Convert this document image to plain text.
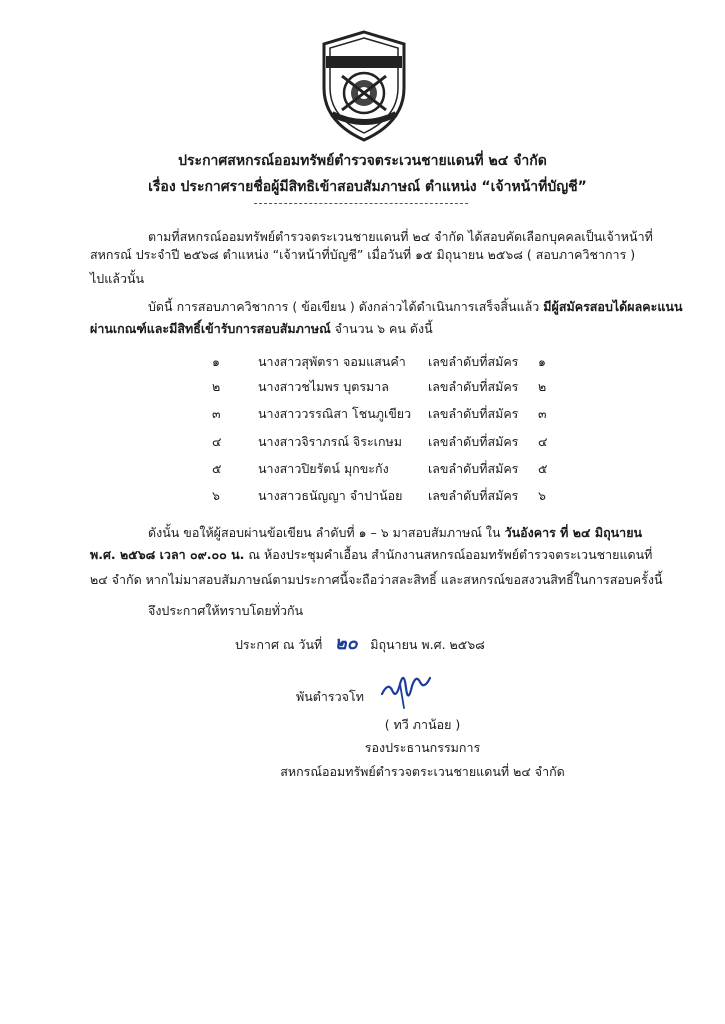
ประกาศสหกรณ์ออมทรัพย์ตำรวจตระเวนชายแดนที่ ๒๔ จำกัด
เรื่อง ประกาศรายชื่อผู้มีสิทธิเข้าสอบสัมภาษณ์ ตำแหน่ง “เจ้าหน้าที่บัญชี”
ตามที่สหกรณ์ออมทรัพย์ตำรวจตระเวนชายแดนที่ ๒๔ จำกัด ได้สอบคัดเลือกบุคคลเป็นเจ้าหน้าที่
สหกรณ์ ประจำปี ๒๕๖๘ ตำแหน่ง “เจ้าหน้าที่บัญชี” เมื่อวันที่ ๑๕ มิถุนายน ๒๕๖๘ ( สอบภาควิชาการ )
ไปแล้วนั้น
บัดนี้ การสอบภาควิชาการ ( ข้อเขียน ) ดังกล่าวได้ดำเนินการเสร็จสิ้นแล้ว มีผู้สมัครสอบได้ผลคะแนน
ผ่านเกณฑ์และมีสิทธิ์เข้ารับการสอบสัมภาษณ์ จำนวน ๖ คน ดังนี้
๑	นางสาวสุพัตรา จอมแสนคำ เลขลำดับที่สมัคร ๑
๒	นางสาวชไมพร บุตรมาล	เลขลำดับที่สมัคร ๒
๓	นางสาววรรณิสา โชนภูเขียว เลขลำดับที่สมัคร ๓
๔	นางสาวจิราภรณ์ จิระเกษม เลขลำดับที่สมัคร ๔
๕	นางสาวปิยรัตน์ มุกขะกัง	เลขลำดับที่สมัคร ๕
๖	นางสาวธนัญญา จำปาน้อย เลขลำดับที่สมัคร ๖
ดังนั้น ขอให้ผู้สอบผ่านข้อเขียน ลำดับที่ ๑ – ๖ มาสอบสัมภาษณ์ ใน วันอังคาร ที่ ๒๔ มิถุนายน
พ.ศ. ๒๕๖๘ เวลา ๐๙.๐๐ น. ณ ห้องประชุมคำเอื้อน สำนักงานสหกรณ์ออมทรัพย์ตำรวจตระเวนชายแดนที่
๒๔ จำกัด หากไม่มาสอบสัมภาษณ์ตามประกาศนี้จะถือว่าสละสิทธิ์ และสหกรณ์ขอสงวนสิทธิ์ในการสอบครั้งนี้
จึงประกาศให้ทราบโดยทั่วกัน
ประกาศ ณ วันที่ ๒๐ มิถุนายน พ.ศ. ๒๕๖๘
พันตำรวจโท
( ทวี ภาน้อย )
รองประธานกรรมการ
สหกรณ์ออมทรัพย์ตำรวจตระเวนชายแดนที่ ๒๔ จำกัด
